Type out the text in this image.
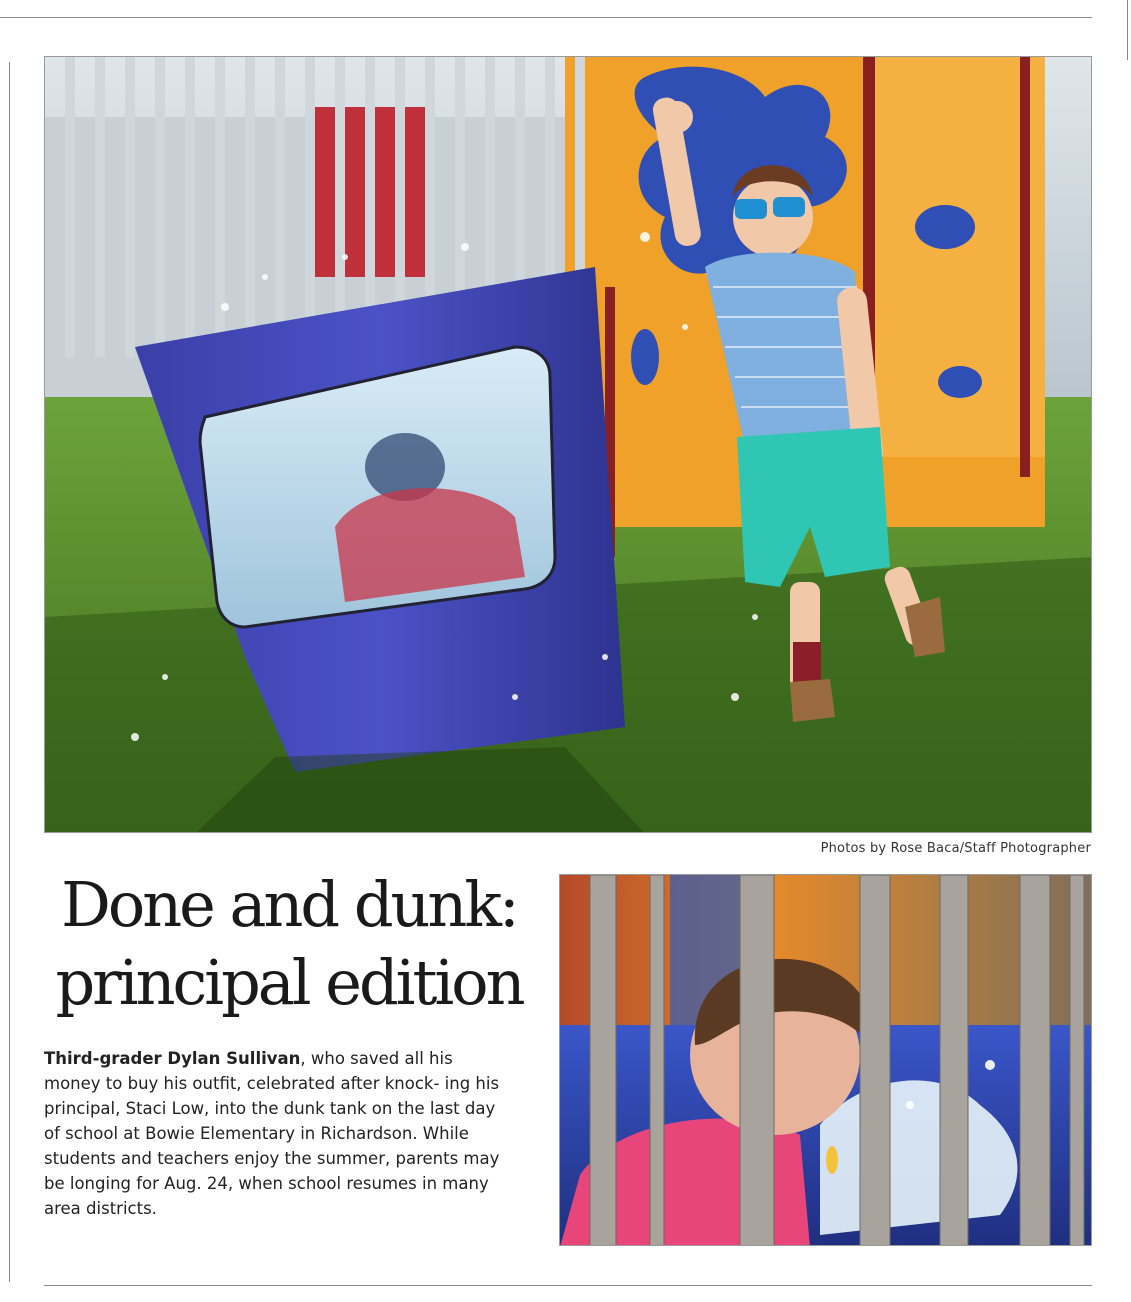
Photos by Rose Baca/Staff Photographer
Done and dunk:
principal edition

Third-grader Dylan Sullivan, who saved all his money to buy his outfit, celebrated after knock- ing his principal, Staci Low, into the dunk tank on the last day of school at Bowie Elementary in Richardson. While students and teachers enjoy the summer, parents may be longing for Aug. 24, when school resumes in many area districts.
